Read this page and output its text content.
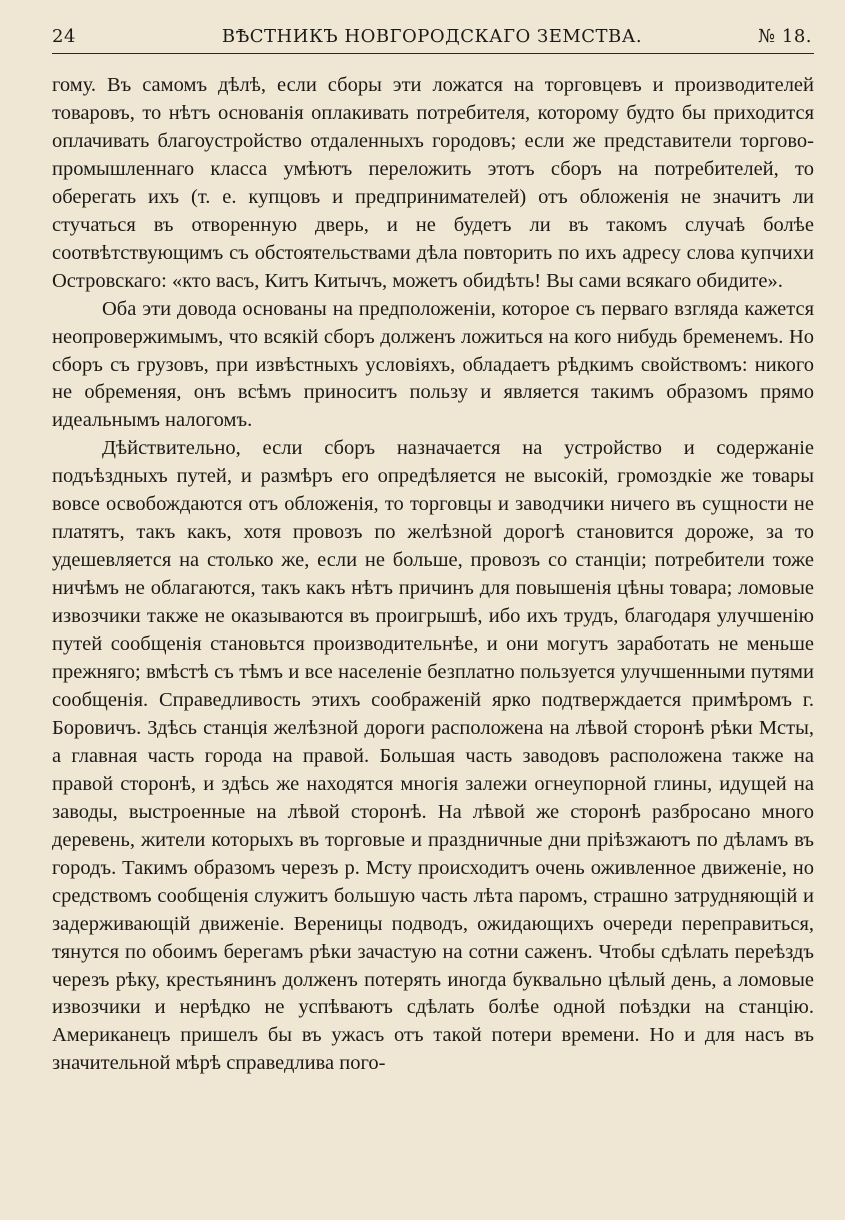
24	ВѢСТНИКЪ НОВГОРОДСКАГО ЗЕМСТВА.	№ 18.

гому. Въ самомъ дѣлѣ, если сборы эти ложатся на торговцевъ и производителей товаровъ, то нѣтъ основанія оплакивать потребителя, которому будто бы приходится оплачивать благоустройство отдаленныхъ городовъ; если же представители торгово-промышленнаго класса умѣютъ переложить этотъ сборъ на потребителей, то оберегать ихъ (т. е. купцовъ и предпринимателей) отъ обложенія не значитъ ли стучаться въ отворенную дверь, и не будетъ ли въ такомъ случаѣ болѣе соотвѣтствующимъ съ обстоятельствами дѣла повторить по ихъ адресу слова купчихи Островскаго: «кто васъ, Китъ Китычъ, можетъ обидѣть! Вы сами всякаго обидите».

Оба эти довода основаны на предположеніи, которое съ перваго взгляда кажется неопровержимымъ, что всякій сборъ долженъ ложиться на кого нибудь бременемъ. Но сборъ съ грузовъ, при извѣстныхъ условіяхъ, обладаетъ рѣдкимъ свойствомъ: никого не обременяя, онъ всѣмъ приноситъ пользу и является такимъ образомъ прямо идеальнымъ налогомъ.

Дѣйствительно, если сборъ назначается на устройство и содержаніе подъѣздныхъ путей, и размѣръ его опредѣляется не высокій, громоздкіе же товары вовсе освобождаются отъ обложенія, то торговцы и заводчики ничего въ сущности не платятъ, такъ какъ, хотя провозъ по желѣзной дорогѣ становится дороже, за то удешевляется на столько же, если не больше, провозъ со станціи; потребители тоже ничѣмъ не облагаются, такъ какъ нѣтъ причинъ для повышенія цѣны товара; ломовые извозчики также не оказываются въ проигрышѣ, ибо ихъ трудъ, благодаря улучшенію путей сообщенія становьтся производительнѣе, и они могутъ заработать не меньше прежняго; вмѣстѣ съ тѣмъ и все населеніе безплатно пользуется улучшенными путями сообщенія. Справедливость этихъ соображеній ярко подтверждается примѣромъ г. Боровичъ. Здѣсь станція желѣзной дороги расположена на лѣвой сторонѣ рѣки Мсты, а главная часть города на правой. Большая часть заводовъ расположена также на правой сторонѣ, и здѣсь же находятся многія залежи огнеупорной глины, идущей на заводы, выстроенные на лѣвой сторонѣ. На лѣвой же сторонѣ разбросано много деревень, жители которыхъ въ торговые и праздничные дни пріѣзжаютъ по дѣламъ въ городъ. Такимъ образомъ черезъ р. Мсту происходитъ очень оживленное движеніе, но средствомъ сообщенія служитъ большую часть лѣта паромъ, страшно затрудняющій и задерживающій движеніе. Вереницы подводъ, ожидающихъ очереди переправиться, тянутся по обоимъ берегамъ рѣки зачастую на сотни саженъ. Чтобы сдѣлать переѣздъ черезъ рѣку, крестьянинъ долженъ потерять иногда буквально цѣлый день, а ломовые извозчики и нерѣдко не успѣваютъ сдѣлать болѣе одной поѣздки на станцію. Американецъ пришелъ бы въ ужасъ отъ такой потери времени. Но и для насъ въ значительной мѣрѣ справедлива пого-
